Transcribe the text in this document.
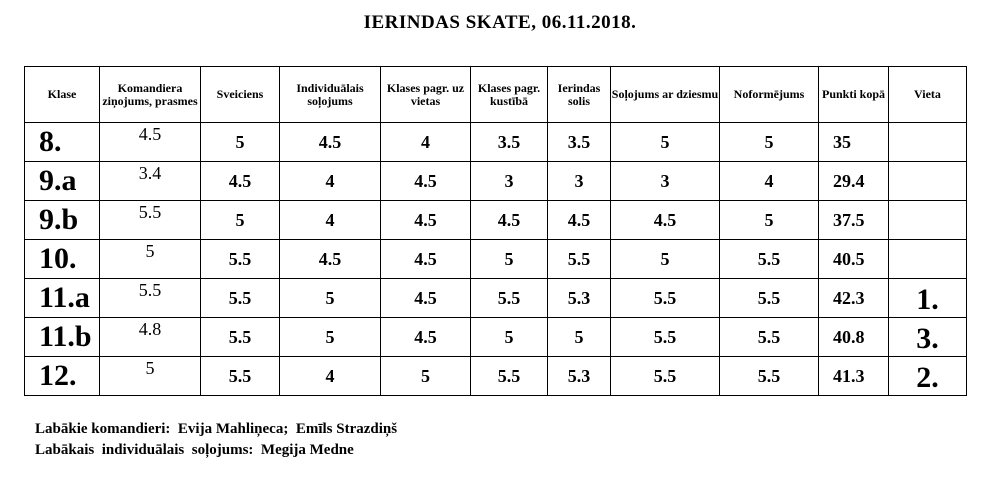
IERINDAS SKATE, 06.11.2018.
Klase	Komandiera ziņojums, prasmes	Sveiciens	Individuālais soļojums	Klases pagr. uz vietas	Klases pagr. kustībā	Ierindas solis	Soļojums ar dziesmu	Noformējums	Punkti kopā	Vieta
8.	4.5	5	4.5	4	3.5	3.5	5	5	35	
9.a	3.4	4.5	4	4.5	3	3	3	4	29.4	
9.b	5.5	5	4	4.5	4.5	4.5	4.5	5	37.5	
10.	5	5.5	4.5	4.5	5	5.5	5	5.5	40.5	
11.a	5.5	5.5	5	4.5	5.5	5.3	5.5	5.5	42.3	1.
11.b	4.8	5.5	5	4.5	5	5	5.5	5.5	40.8	3.
12.	5	5.5	4	5	5.5	5.3	5.5	5.5	41.3	2.
Labākie komandieri:  Evija Mahliņeca;  Emīls Strazdiņš
Labākais  individuālais  soļojums:  Megija Medne
